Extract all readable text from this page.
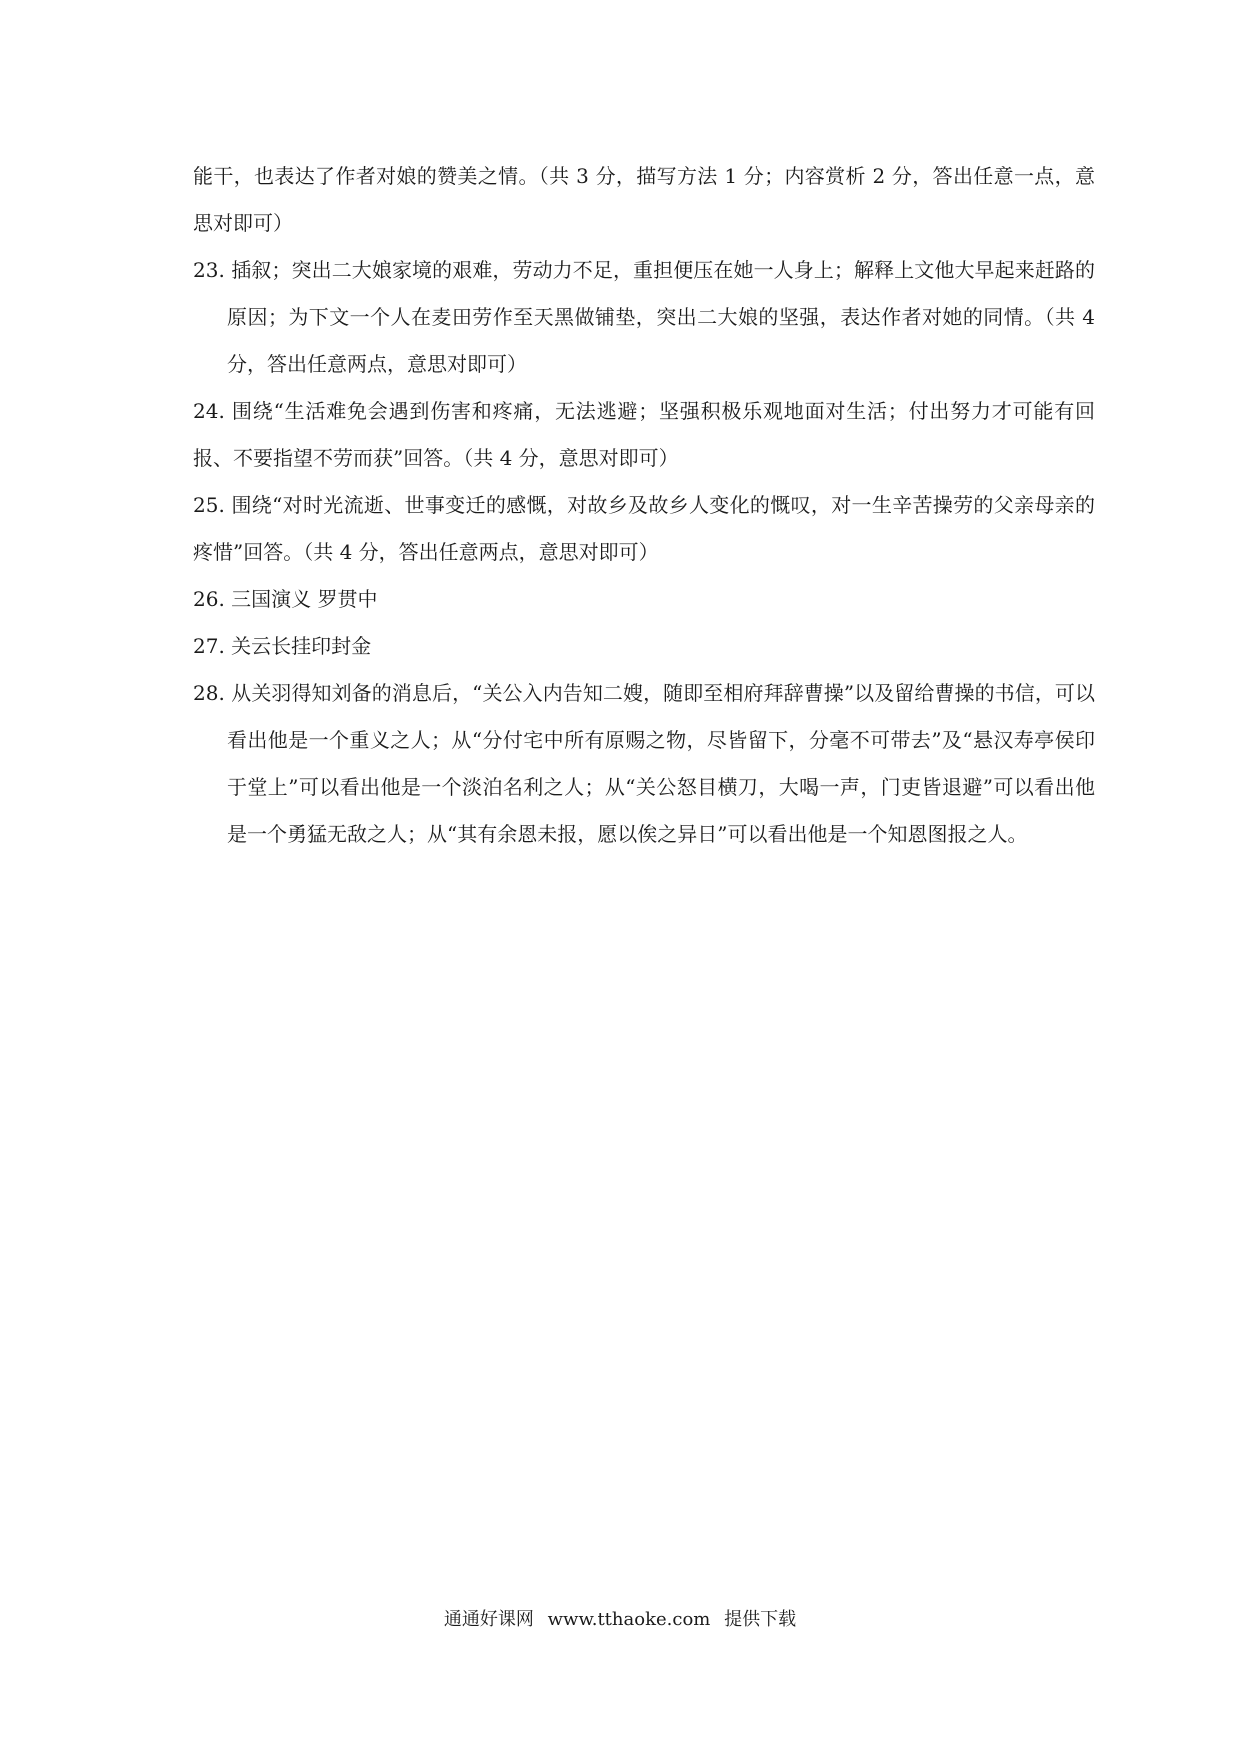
能干，也表达了作者对娘的赞美之情。（共 3 分，描写方法 1 分；内容赏析 2 分，答出任意一点，意思对即可）

23. 插叙；突出二大娘家境的艰难，劳动力不足，重担便压在她一人身上；解释上文他大早起来赶路的原因；为下文一个人在麦田劳作至天黑做铺垫，突出二大娘的坚强，表达作者对她的同情。（共 4 分，答出任意两点，意思对即可）

24. 围绕“生活难免会遇到伤害和疼痛，无法逃避；坚强积极乐观地面对生活；付出努力才可能有回报、不要指望不劳而获”回答。（共 4 分，意思对即可）

25. 围绕“对时光流逝、世事变迁的感慨，对故乡及故乡人变化的慨叹，对一生辛苦操劳的父亲母亲的疼惜”回答。（共 4 分，答出任意两点，意思对即可）

26. 三国演义 罗贯中

27. 关云长挂印封金

28. 从关羽得知刘备的消息后，“关公入内告知二嫂，随即至相府拜辞曹操”以及留给曹操的书信，可以看出他是一个重义之人；从“分付宅中所有原赐之物，尽皆留下，分毫不可带去”及“悬汉寿亭侯印于堂上”可以看出他是一个淡泊名利之人；从“关公怒目横刀，大喝一声，门吏皆退避”可以看出他是一个勇猛无敌之人；从“其有余恩未报，愿以俟之异日”可以看出他是一个知恩图报之人。

通通好课网 www.tthaoke.com 提供下载
